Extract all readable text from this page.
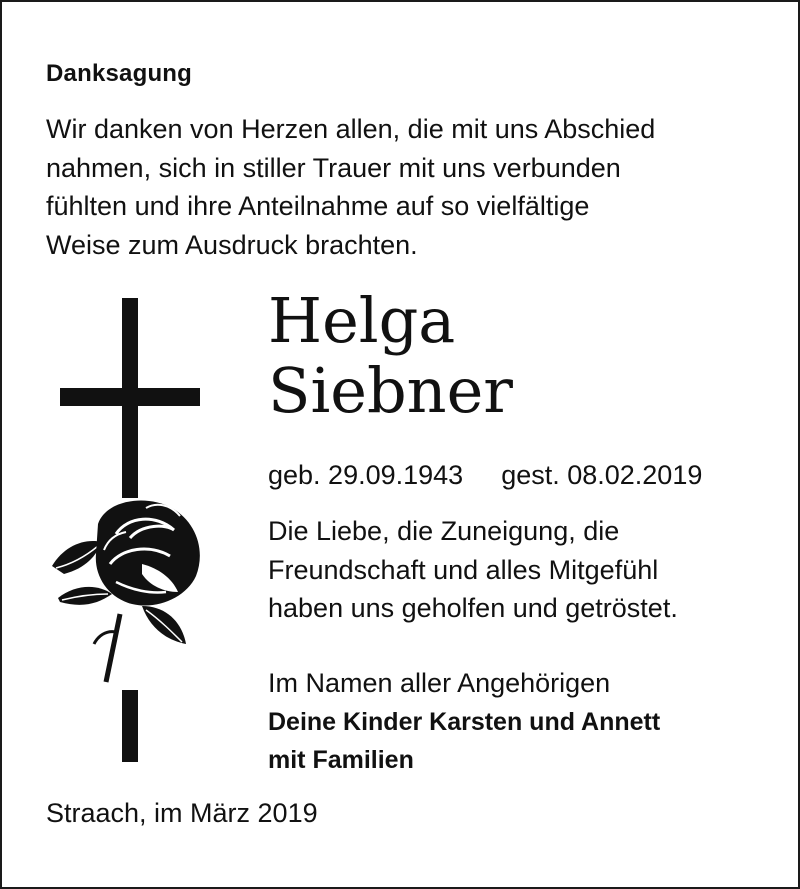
Danksagung
Wir danken von Herzen allen, die mit uns Abschied
nahmen, sich in stiller Trauer mit uns verbunden
fühlten und ihre Anteilnahme auf so vielfältige
Weise zum Ausdruck brachten.
Helga
Siebner
geb. 29.09.1943 gest. 08.02.2019
Die Liebe, die Zuneigung, die
Freundschaft und alles Mitgefühl
haben uns geholfen und getröstet.
Im Namen aller Angehörigen
Deine Kinder Karsten und Annett
mit Familien
Straach, im März 2019
